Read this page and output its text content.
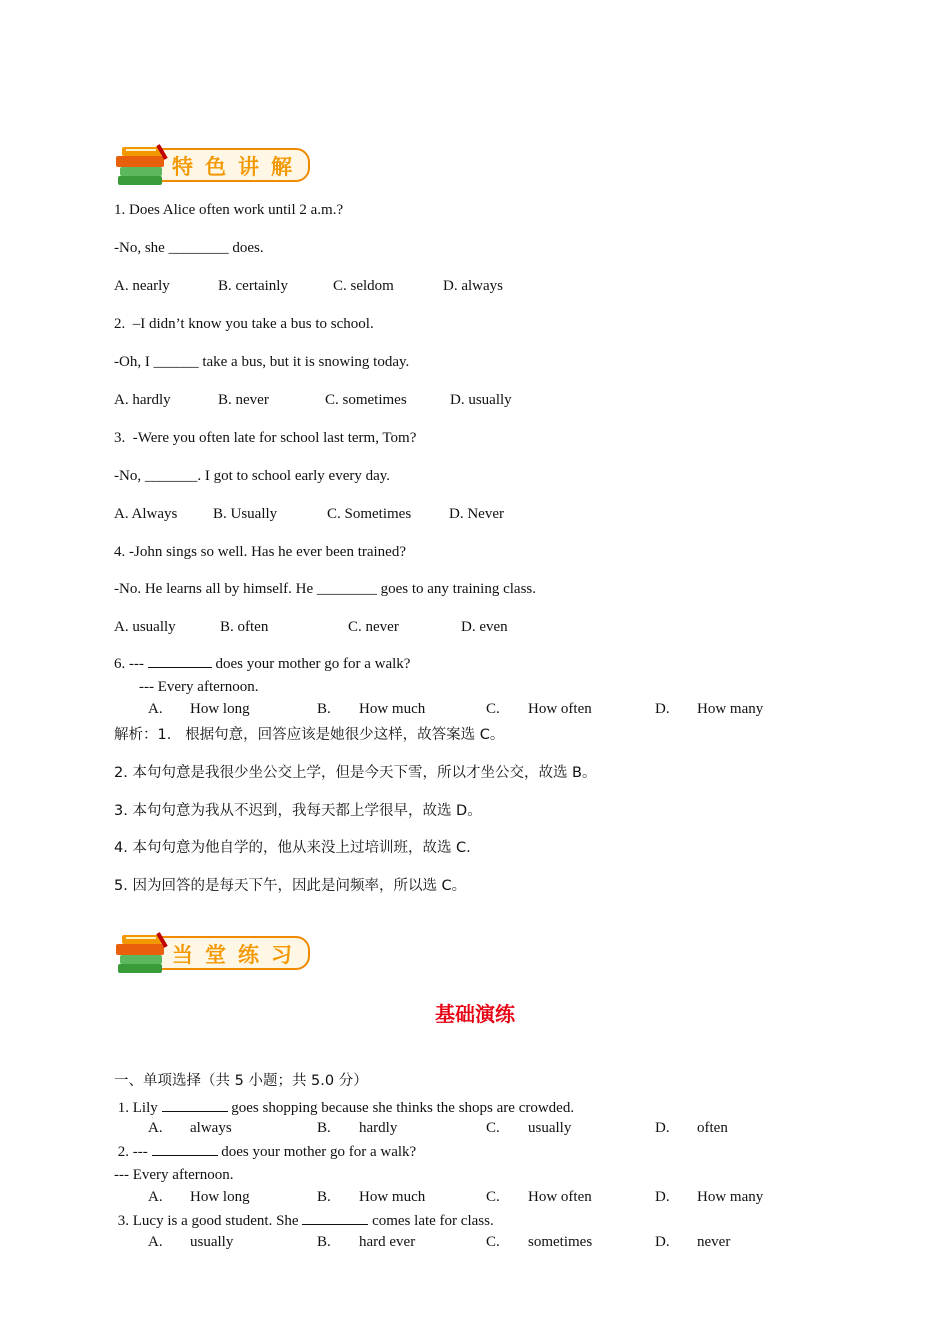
特色讲解
1. Does Alice often work until 2 a.m.?
-No, she ________ does.
A. nearly	B. certainly	C. seldom	D. always
2.  –I didn’t know you take a bus to school.
-Oh, I ______ take a bus, but it is snowing today.
A. hardly	B. never	C. sometimes	D. usually
3.  -Were you often late for school last term, Tom?
-No, _______. I got to school early every day.
A. Always B. Usually	C. Sometimes	D. Never
4. -John sings so well. Has he ever been trained?
-No. He learns all by himself. He ________ goes to any training class.
A. usually	B. often	C. never	D. even
6. ---	does your mother go for a walk?
--- Every afternoon.
A. How long	B. How much	C. How often	D. How many
解析：1.   根据句意，回答应该是她很少这样，故答案选 C。
2. 本句句意是我很少坐公交上学，但是今天下雪，所以才坐公交，故选 B。
3. 本句句意为我从不迟到，我每天都上学很早，故选 D。
4. 本句句意为他自学的，他从来没上过培训班，故选 C.
5. 因为回答的是每天下午，因此是问频率，所以选 C。
当堂练习
基础演练
一、单项选择（共 5 小题；共 5.0 分）
1. Lily	goes shopping because she thinks the shops are crowded.
A. always	B. hardly	C. usually	D. often
2. ---	does your mother go for a walk?
--- Every afternoon.
A. How long	B. How much	C. How often	D. How many
3. Lucy is a good student. She	comes late for class.
A. usually	B. hard ever	C. sometimes	D. never
